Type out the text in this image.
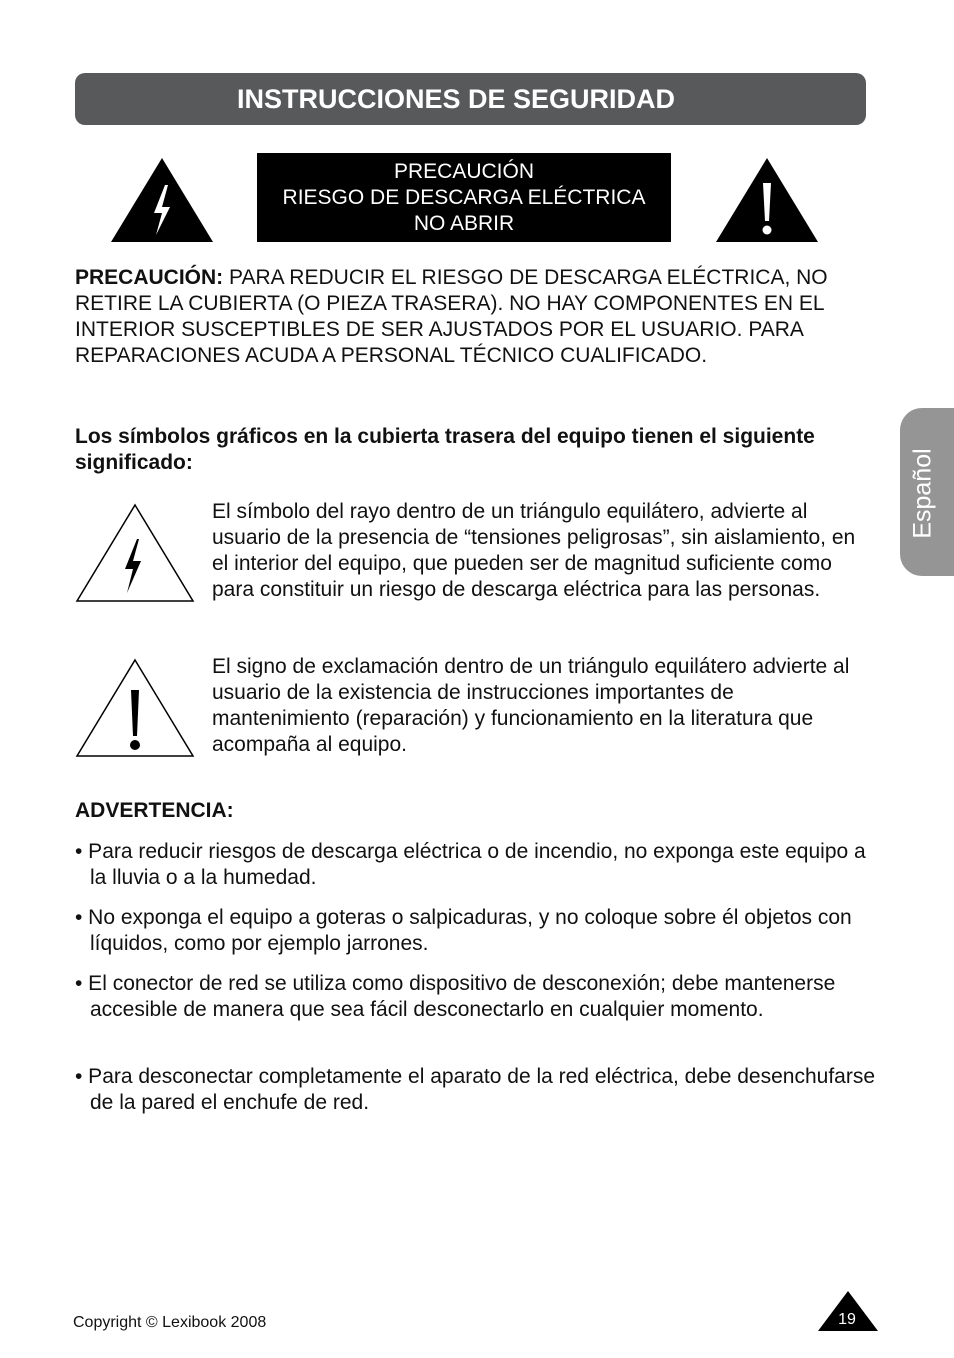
INSTRUCCIONES DE SEGURIDAD
PRECAUCIÓN
RIESGO DE DESCARGA ELÉCTRICA
NO ABRIR
PRECAUCIÓN: PARA REDUCIR EL RIESGO DE DESCARGA ELÉCTRICA, NO RETIRE LA CUBIERTA (O PIEZA TRASERA). NO HAY COMPONENTES EN EL INTERIOR SUSCEPTIBLES DE SER AJUSTADOS POR EL USUARIO. PARA REPARACIONES ACUDA A PERSONAL TÉCNICO CUALIFICADO.
Los símbolos gráficos en la cubierta trasera del equipo tienen el siguiente significado:
El símbolo del rayo dentro de un triángulo equilátero, advierte al usuario de la presencia de “tensiones peligrosas”, sin aislamiento, en el interior del equipo, que pueden ser de magnitud suficiente como para constituir un riesgo de descarga eléctrica para las personas.
El signo de exclamación dentro de un triángulo equilátero advierte al usuario de la existencia de instrucciones importantes de mantenimiento (reparación) y funcionamiento en la literatura que acompaña al equipo.
ADVERTENCIA:
• Para reducir riesgos de descarga eléctrica o de incendio, no exponga este equipo a la lluvia o a la humedad.
• No exponga el equipo a goteras o salpicaduras, y no coloque sobre él objetos con líquidos, como por ejemplo jarrones.
• El conector de red se utiliza como dispositivo de desconexión; debe mantenerse accesible de manera que sea fácil desconectarlo en cualquier momento.
• Para desconectar completamente el aparato de la red eléctrica, debe desenchufarse de la pared el enchufe de red.
Español
Copyright © Lexibook 2008	19
